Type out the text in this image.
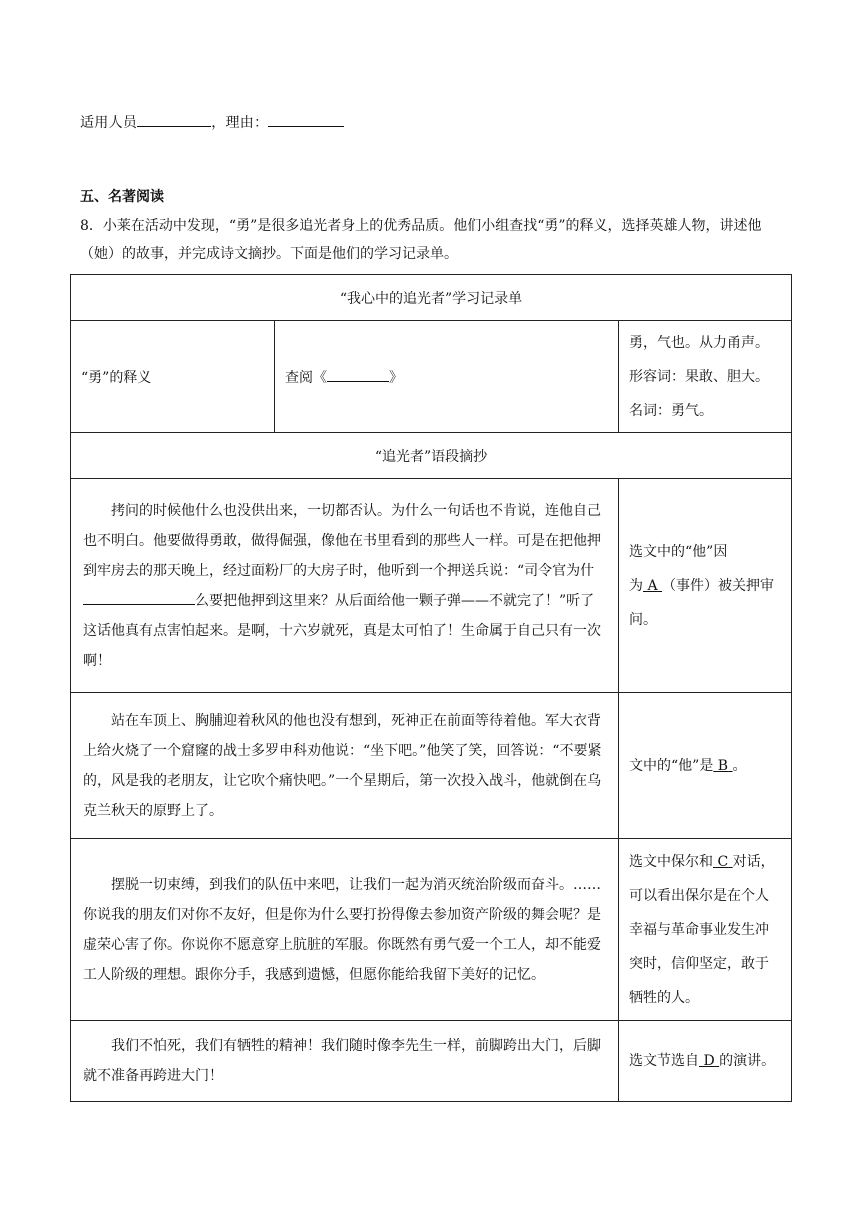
适用人员	，理由：
五、名著阅读
8．小莱在活动中发现，“勇”是很多追光者身上的优秀品质。他们小组查找“勇”的释义，选择英雄人物，讲述他（她）的故事，并完成诗文摘抄。下面是他们的学习记录单。
“我心中的追光者”学习记录单		
“勇”的释义	查阅《 》	勇，气也。从力甬声。
形容词：果敢、胆大。
名词：勇气。

“追光者”语段摘抄		
拷问的时候他什么也没供出来，一切都否认。为什么一句话也不肯说，连他自己也不明白。他要做得勇敢，做得倔强，像他在书里看到的那些人一样。可是在把他押到牢房去的那天晚上，经过面粉厂的大房子时，他听到一个押送兵说：“司令官为什么要把他押到这里来？从后面给他一颗子弹——不就完了！”听了这话他真有点害怕起来。是啊，十六岁就死，真是太可怕了！生命属于自己只有一次啊！		选文中的“他”因为 A （事件）被关押审问。
站在车顶上、胸脯迎着秋风的他也没有想到，死神正在前面等待着他。军大衣背上给火烧了一个窟窿的战士多罗申科劝他说：“坐下吧。”他笑了笑，回答说：“不要紧的，风是我的老朋友，让它吹个痛快吧。”一个星期后，第一次投入战斗，他就倒在乌克兰秋天的原野上了。		文中的“他”是 B 。
摆脱一切束缚，到我们的队伍中来吧，让我们一起为消灭统治阶级而奋斗。……你说我的朋友们对你不友好，但是你为什么要打扮得像去参加资产阶级的舞会呢？是虚荣心害了你。你说你不愿意穿上肮脏的军服。你既然有勇气爱一个工人，却不能爱工人阶级的理想。跟你分手，我感到遗憾，但愿你能给我留下美好的记忆。		选文中保尔和 C 对话，可以看出保尔是在个人幸福与革命事业发生冲突时，信仰坚定，敢于牺牲的人。
我们不怕死，我们有牺牲的精神！我们随时像李先生一样，前脚跨出大门，后脚就不准备再跨进大门！		选文节选自 D 的演讲。
